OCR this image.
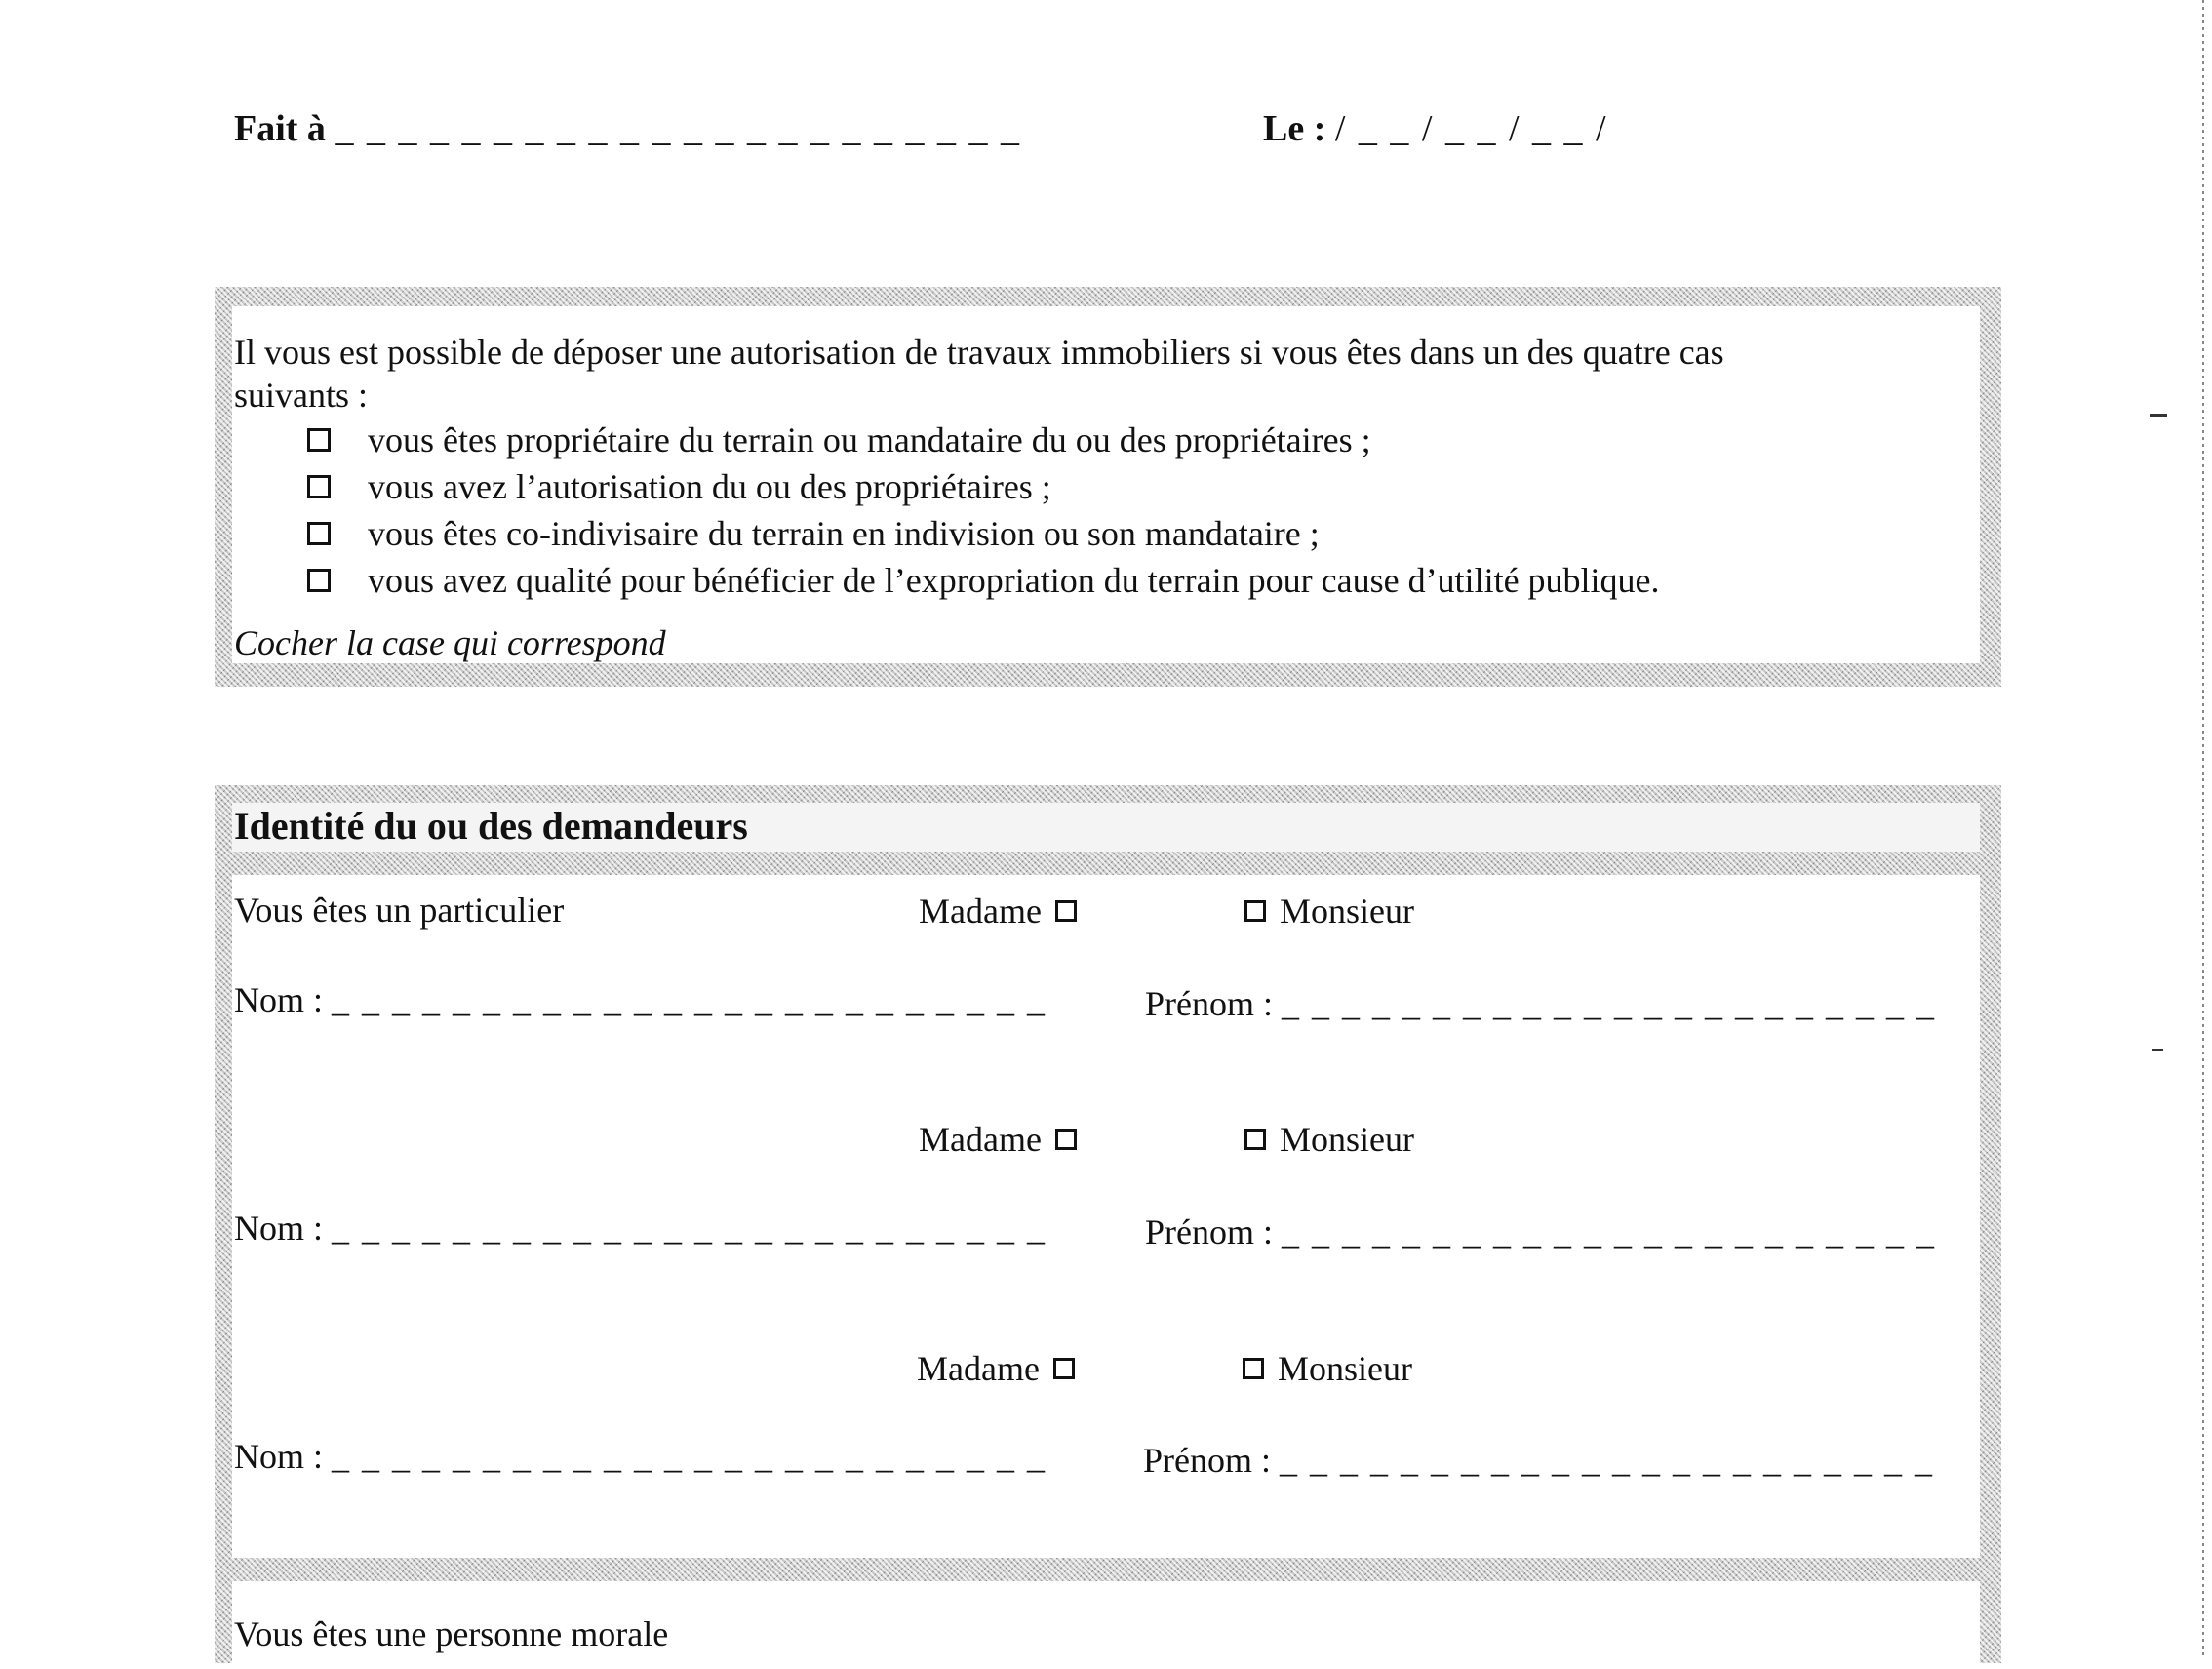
Fait à _ _ _ _ _ _ _ _ _ _ _ _ _ _ _ _ _ _ _ _ _ _	Le : / _ _ / _ _ / _ _ /
Il vous est possible de déposer une autorisation de travaux immobiliers si vous êtes dans un des quatre cas
suivants :
vous êtes propriétaire du terrain ou mandataire du ou des propriétaires ;
vous avez l’autorisation du ou des propriétaires ;
vous êtes co-indivisaire du terrain en indivision ou son mandataire ;
vous avez qualité pour bénéficier de l’expropriation du terrain pour cause d’utilité publique.
Cocher la case qui correspond
Identité du ou des demandeurs
Vous êtes un particulier	Madame	Monsieur
Nom : _ _ _ _ _ _ _ _ _ _ _ _ _ _ _ _ _ _ _ _ _ _ _ _	Prénom : _ _ _ _ _ _ _ _ _ _ _ _ _ _ _ _ _ _ _ _ _ _
Madame	Monsieur
Nom : _ _ _ _ _ _ _ _ _ _ _ _ _ _ _ _ _ _ _ _ _ _ _ _	Prénom : _ _ _ _ _ _ _ _ _ _ _ _ _ _ _ _ _ _ _ _ _ _
Madame	Monsieur
Nom : _ _ _ _ _ _ _ _ _ _ _ _ _ _ _ _ _ _ _ _ _ _ _ _	Prénom : _ _ _ _ _ _ _ _ _ _ _ _ _ _ _ _ _ _ _ _ _ _
Vous êtes une personne morale
